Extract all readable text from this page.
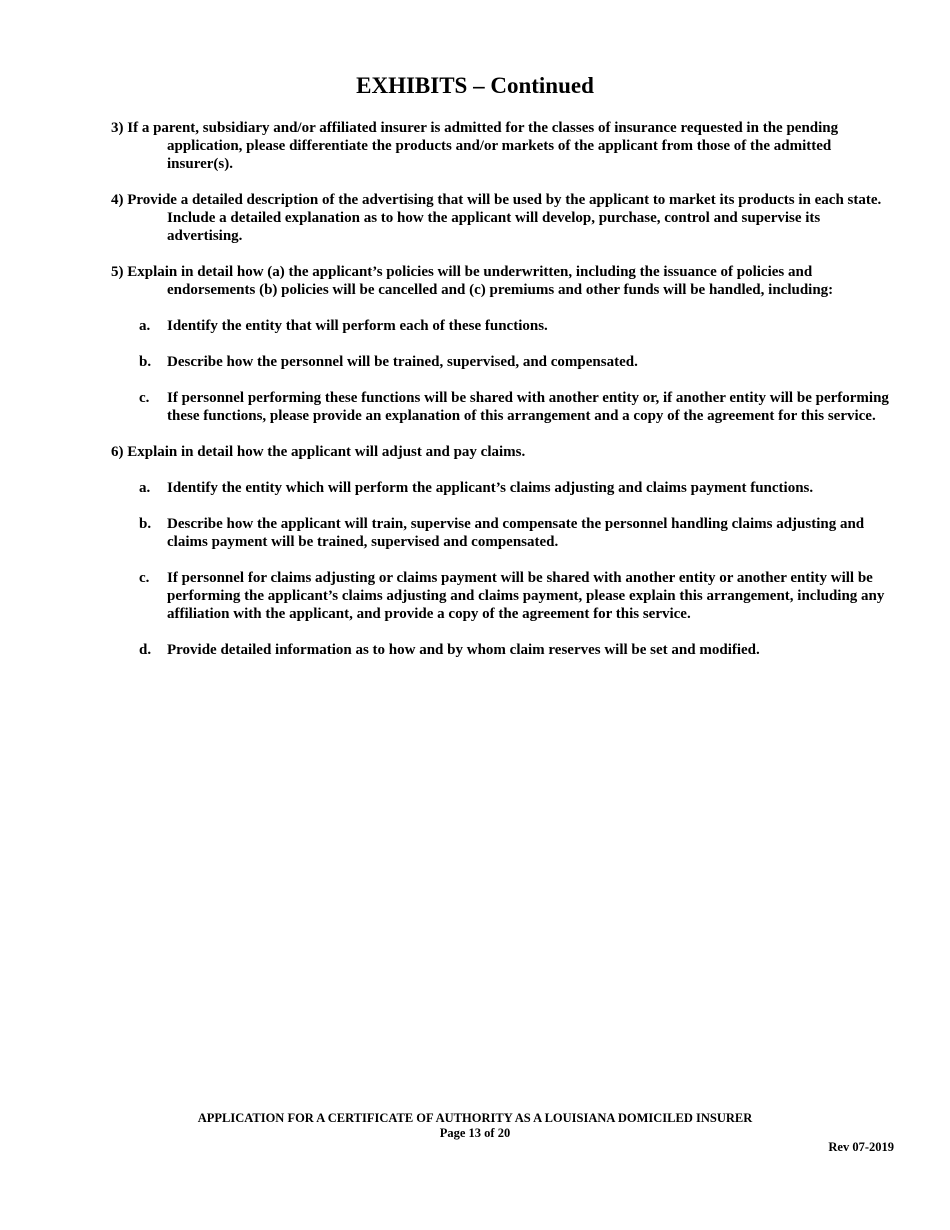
EXHIBITS – Continued

3) If a parent, subsidiary and/or affiliated insurer is admitted for the classes of insurance requested in the pending application, please differentiate the products and/or markets of the applicant from those of the admitted insurer(s).

4) Provide a detailed description of the advertising that will be used by the applicant to market its products in each state. Include a detailed explanation as to how the applicant will develop, purchase, control and supervise its advertising.

5) Explain in detail how (a) the applicant’s policies will be underwritten, including the issuance of policies and endorsements (b) policies will be cancelled and (c) premiums and other funds will be handled, including:

a. Identify the entity that will perform each of these functions.
b. Describe how the personnel will be trained, supervised, and compensated.
c. If personnel performing these functions will be shared with another entity or, if another entity will be performing these functions, please provide an explanation of this arrangement and a copy of the agreement for this service.

6) Explain in detail how the applicant will adjust and pay claims.

a. Identify the entity which will perform the applicant’s claims adjusting and claims payment functions.
b. Describe how the applicant will train, supervise and compensate the personnel handling claims adjusting and claims payment will be trained, supervised and compensated.
c. If personnel for claims adjusting or claims payment will be shared with another entity or another entity will be performing the applicant’s claims adjusting and claims payment, please explain this arrangement, including any affiliation with the applicant, and provide a copy of the agreement for this service.
d. Provide detailed information as to how and by whom claim reserves will be set and modified.
APPLICATION FOR A CERTIFICATE OF AUTHORITY AS A LOUISIANA DOMICILED INSURER
Page 13 of 20
Rev 07-2019
